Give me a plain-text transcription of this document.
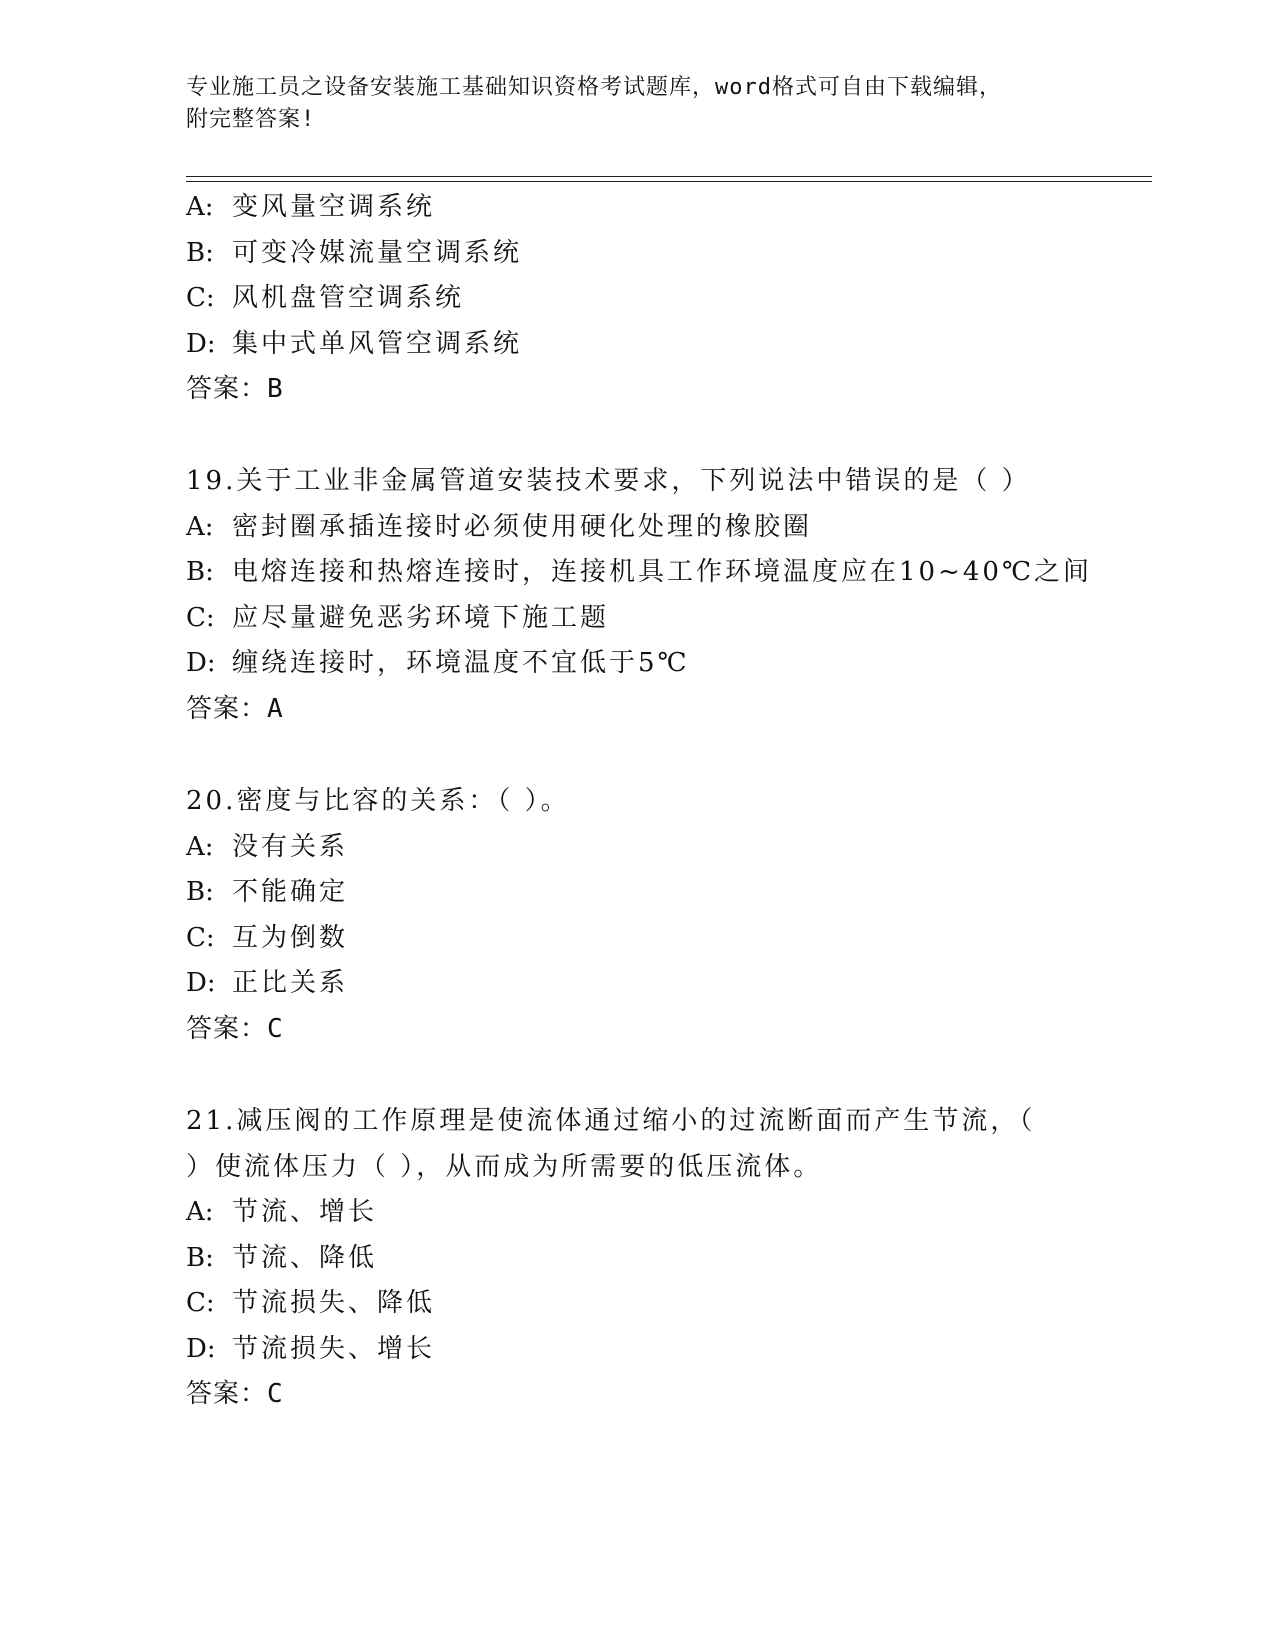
专业施工员之设备安装施工基础知识资格考试题库，word格式可自由下载编辑，
附完整答案!
A: 变风量空调系统
B: 可变冷媒流量空调系统
C: 风机盘管空调系统
D: 集中式单风管空调系统
答案：B
19.关于工业非金属管道安装技术要求，下列说法中错误的是（ ）
A: 密封圈承插连接时必须使用硬化处理的橡胶圈
B: 电熔连接和热熔连接时，连接机具工作环境温度应在10~40℃之间
C: 应尽量避免恶劣环境下施工题
D: 缠绕连接时，环境温度不宜低于5℃
答案：A
20.密度与比容的关系：（ ）。
A: 没有关系
B: 不能确定
C: 互为倒数
D: 正比关系
答案：C
21.减压阀的工作原理是使流体通过缩小的过流断面而产生节流，（
）使流体压力（ ），从而成为所需要的低压流体。
A: 节流、增长
B: 节流、降低
C: 节流损失、降低
D: 节流损失、增长
答案：C
